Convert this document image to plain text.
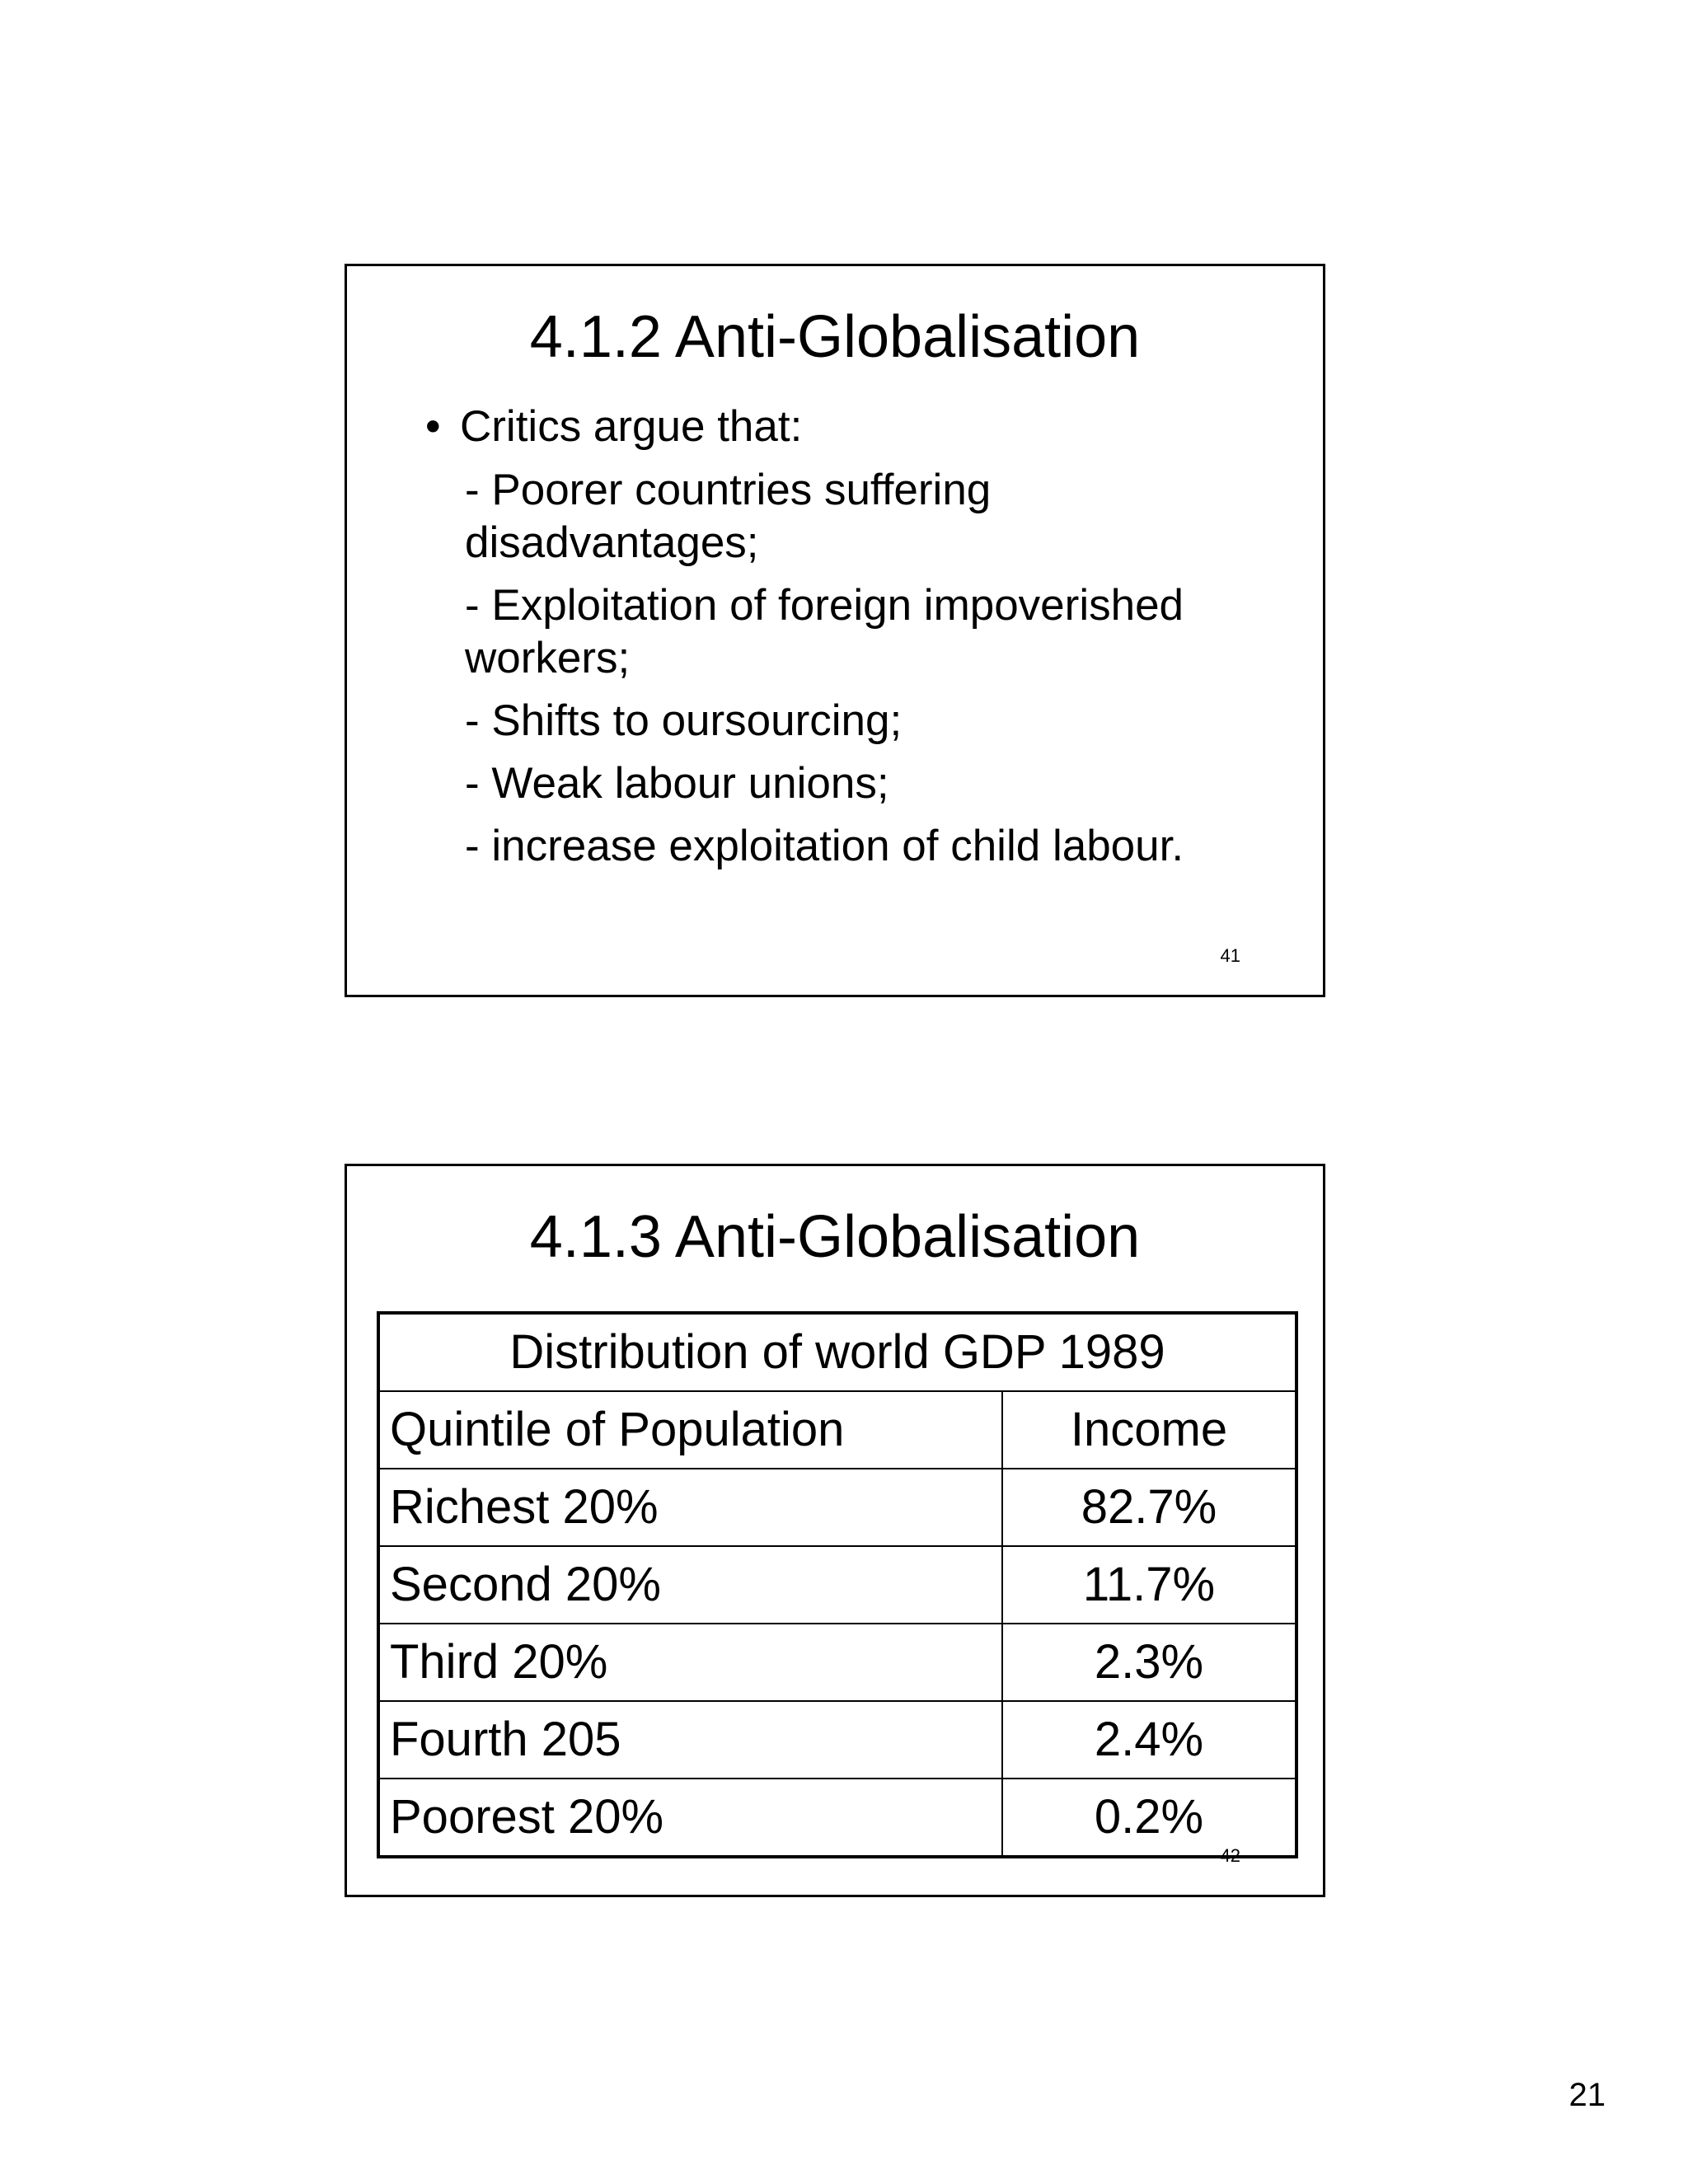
4.1.2 Anti-Globalisation
• Critics argue that:
- Poorer countries suffering disadvantages;
- Exploitation of foreign impoverished workers;
- Shifts to oursourcing;
- Weak labour unions;
- increase exploitation of child labour.
41
4.1.3 Anti-Globalisation
Distribution of world GDP 1989	
Quintile of Population	Income
Richest 20%	82.7%
Second 20%	11.7%
Third 20%	2.3%
Fourth 205	2.4%
Poorest 20%	0.2%
42
21
